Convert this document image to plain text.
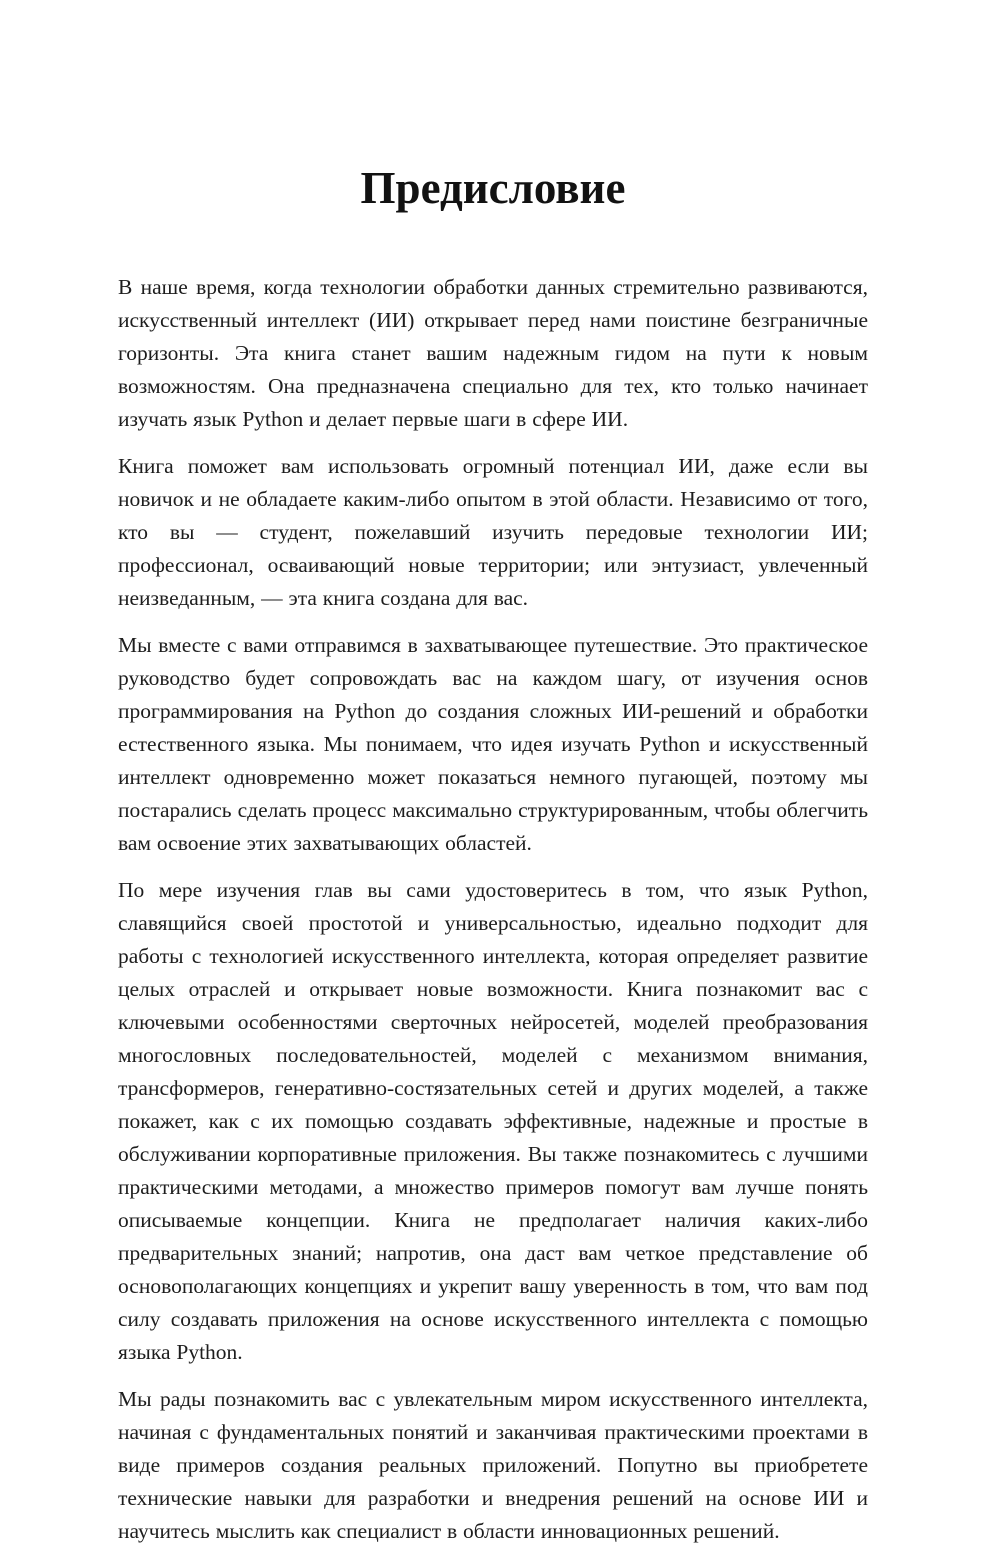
Предисловие

В наше время, когда технологии обработки данных стремительно развиваются, искусственный интеллект (ИИ) открывает перед нами поистине безграничные горизонты. Эта книга станет вашим надежным гидом на пути к новым возможностям. Она предназначена специально для тех, кто только начинает изучать язык Python и делает первые шаги в сфере ИИ.

Книга поможет вам использовать огромный потенциал ИИ, даже если вы новичок и не обладаете каким-либо опытом в этой области. Независимо от того, кто вы — студент, пожелавший изучить передовые технологии ИИ; профессионал, осваивающий новые территории; или энтузиаст, увлеченный неизведанным, — эта книга создана для вас.

Мы вместе с вами отправимся в захватывающее путешествие. Это практическое руководство будет сопровождать вас на каждом шагу, от изучения основ программирования на Python до создания сложных ИИ-решений и обработки естественного языка. Мы понимаем, что идея изучать Python и искусственный интеллект одновременно может показаться немного пугающей, поэтому мы постарались сделать процесс максимально структурированным, чтобы облегчить вам освоение этих захватывающих областей.

По мере изучения глав вы сами удостоверитесь в том, что язык Python, славящийся своей простотой и универсальностью, идеально подходит для работы с технологией искусственного интеллекта, которая определяет развитие целых отраслей и открывает новые возможности. Книга познакомит вас с ключевыми особенностями сверточных нейросетей, моделей преобразования многословных последовательностей, моделей с механизмом внимания, трансформеров, генеративно-состязательных сетей и других моделей, а также покажет, как с их помощью создавать эффективные, надежные и простые в обслуживании корпоративные приложения. Вы также познакомитесь с лучшими практическими методами, а множество примеров помогут вам лучше понять описываемые концепции. Книга не предполагает наличия каких-либо предварительных знаний; напротив, она даст вам четкое представление об основополагающих концепциях и укрепит вашу уверенность в том, что вам под силу создавать приложения на основе искусственного интеллекта с помощью языка Python.

Мы рады познакомить вас с увлекательным миром искусственного интеллекта, начиная с фундаментальных понятий и заканчивая практическими проектами в виде примеров создания реальных приложений. Попутно вы приобретете технические навыки для разработки и внедрения решений на основе ИИ и научитесь мыслить как специалист в области инновационных решений.
